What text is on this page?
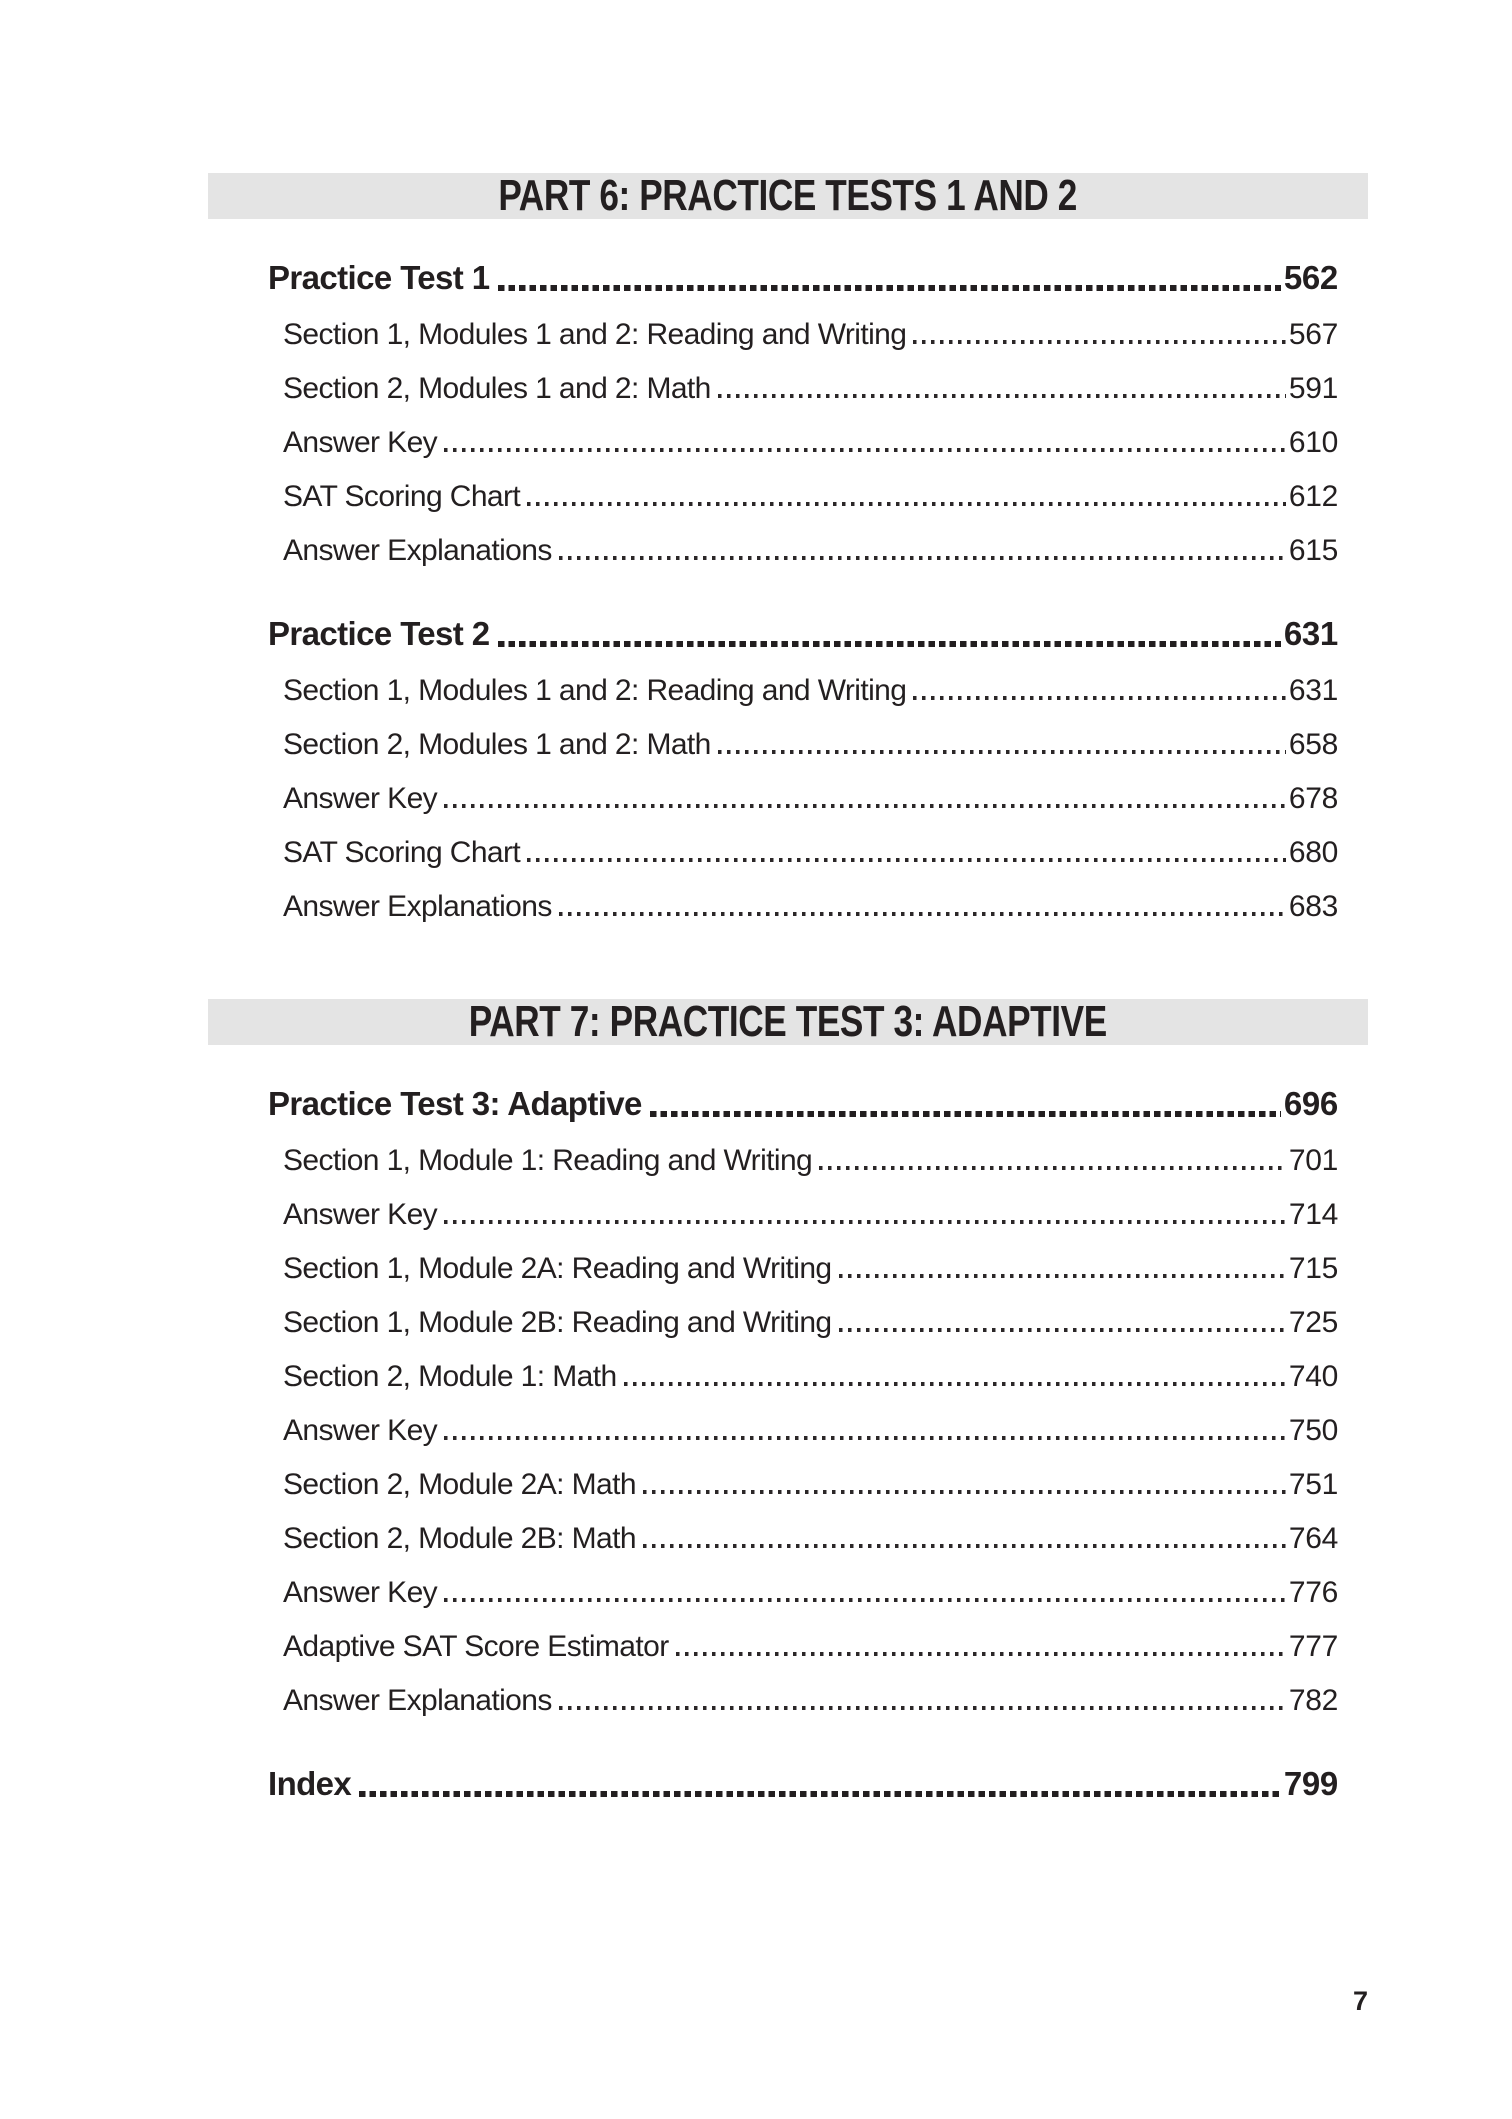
PART 6: PRACTICE TESTS 1 AND 2
Practice Test 1	562
Section 1, Modules 1 and 2: Reading and Writing	567
Section 2, Modules 1 and 2: Math	591
Answer Key	610
SAT Scoring Chart	612
Answer Explanations	615
Practice Test 2	631
Section 1, Modules 1 and 2: Reading and Writing	631
Section 2, Modules 1 and 2: Math	658
Answer Key	678
SAT Scoring Chart	680
Answer Explanations	683
PART 7: PRACTICE TEST 3: ADAPTIVE
Practice Test 3: Adaptive	696
Section 1, Module 1: Reading and Writing	701
Answer Key	714
Section 1, Module 2A: Reading and Writing	715
Section 1, Module 2B: Reading and Writing	725
Section 2, Module 1: Math	740
Answer Key	750
Section 2, Module 2A: Math	751
Section 2, Module 2B: Math	764
Answer Key	776
Adaptive SAT Score Estimator	777
Answer Explanations	782
Index	799
7
